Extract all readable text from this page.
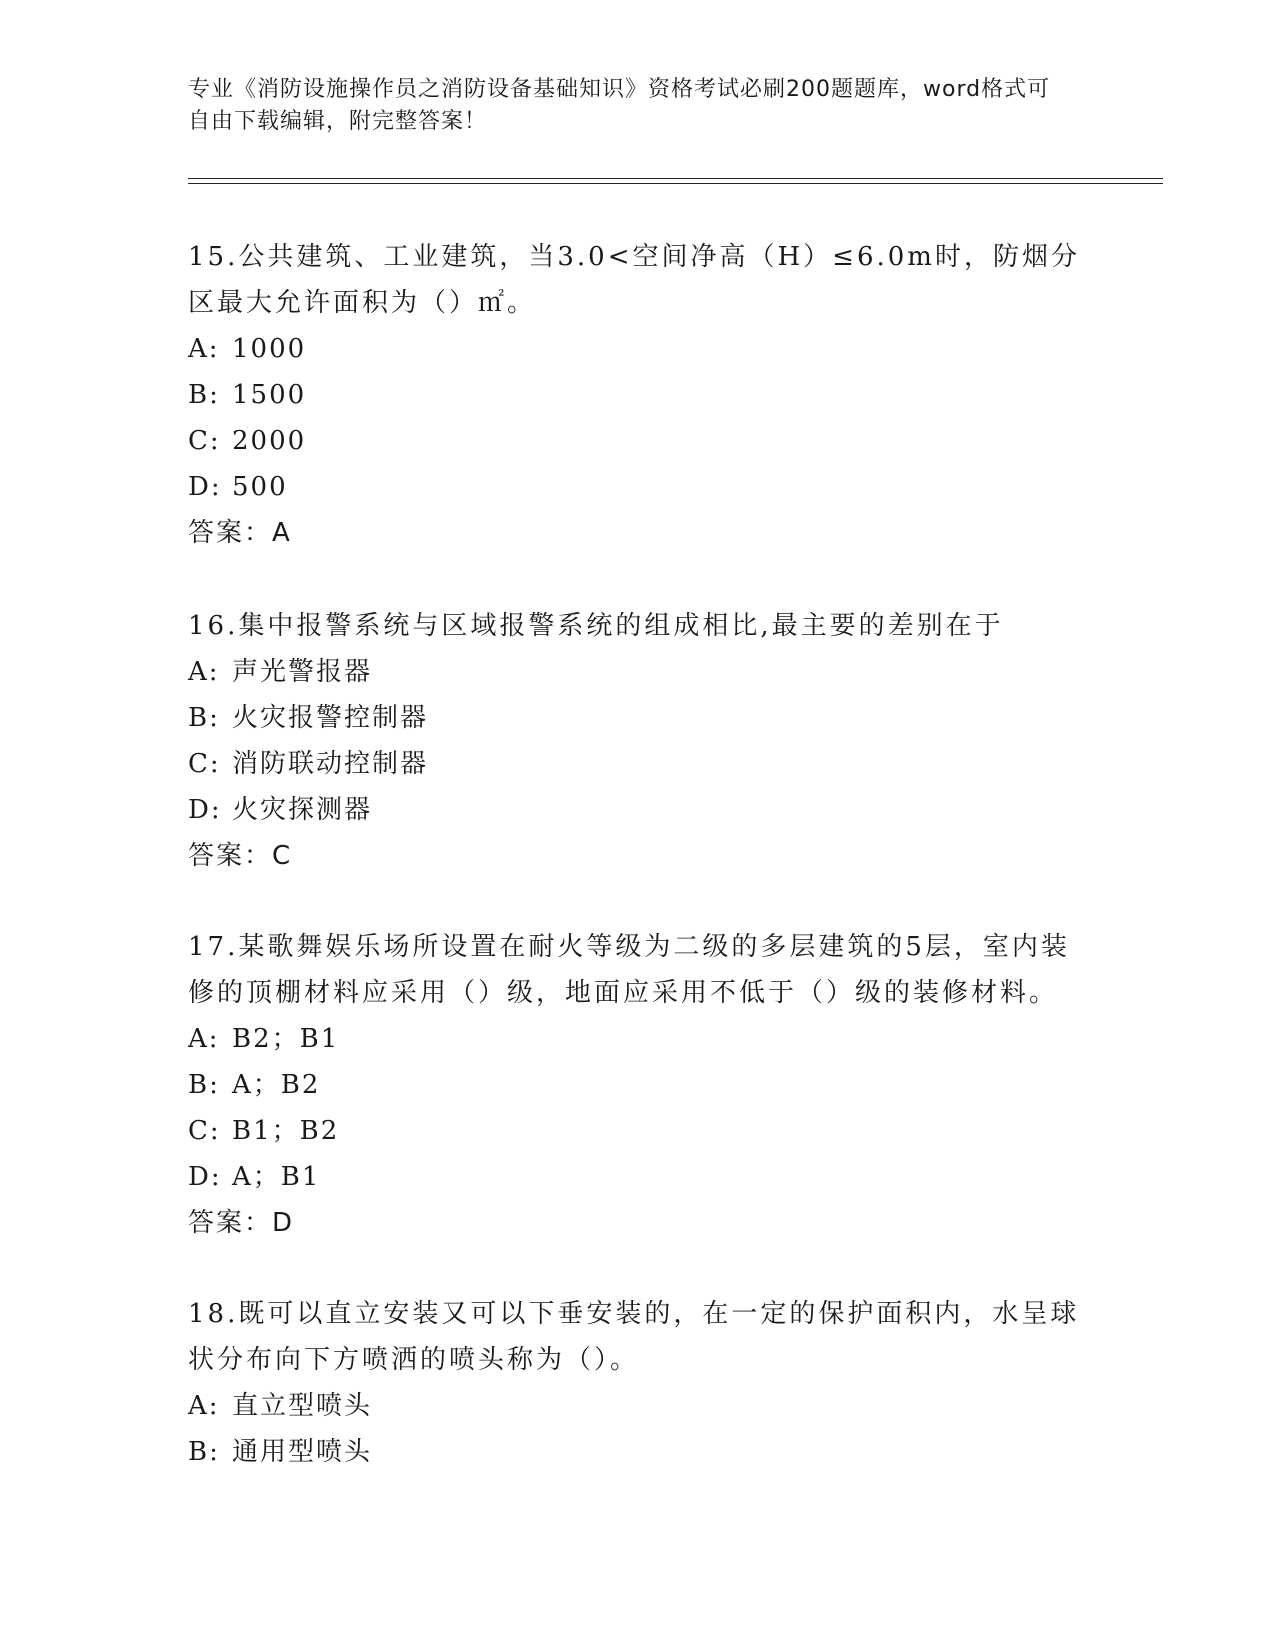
专业《消防设施操作员之消防设备基础知识》资格考试必刷200题题库，word格式可自由下载编辑，附完整答案！

15.公共建筑、工业建筑，当3.0<空间净高（H）≤6.0m时，防烟分区最大允许面积为（）㎡。

A: 1000

B: 1500

C: 2000

D: 500

答案：A

16.集中报警系统与区域报警系统的组成相比,最主要的差别在于

A: 声光警报器

B: 火灾报警控制器

C: 消防联动控制器

D: 火灾探测器

答案：C

17.某歌舞娱乐场所设置在耐火等级为二级的多层建筑的5层，室内装修的顶棚材料应采用（）级，地面应采用不低于（）级的装修材料。

A: B2；B1

B: A；B2

C: B1；B2

D: A；B1

答案：D

18.既可以直立安装又可以下垂安装的，在一定的保护面积内，水呈球状分布向下方喷洒的喷头称为（）。

A: 直立型喷头

B: 通用型喷头
